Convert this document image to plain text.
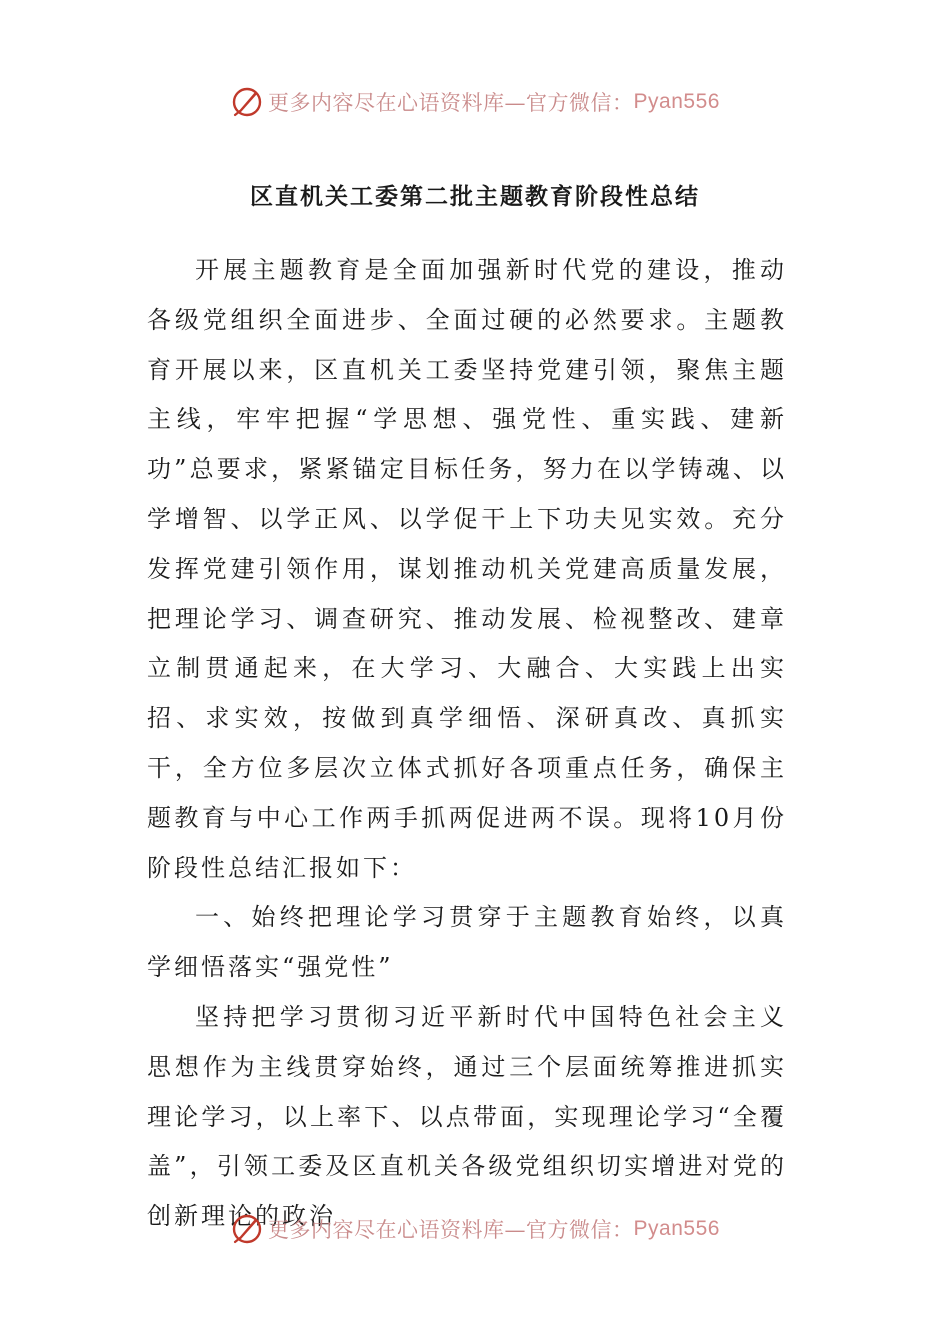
更多内容尽在心语资料库—官方微信： Pyan556
区直机关工委第二批主题教育阶段性总结

开展主题教育是全面加强新时代党的建设，推动各级党组织全面进步、全面过硬的必然要求。主题教育开展以来，区直机关工委坚持党建引领，聚焦主题主线，牢牢把握“学思想、强党性、重实践、建新功”总要求，紧紧锚定目标任务，努力在以学铸魂、以学增智、以学正风、以学促干上下功夫见实效。充分发挥党建引领作用，谋划推动机关党建高质量发展，把理论学习、调查研究、推动发展、检视整改、建章立制贯通起来，在大学习、大融合、大实践上出实招、求实效，按做到真学细悟、深研真改、真抓实干，全方位多层次立体式抓好各项重点任务，确保主题教育与中心工作两手抓两促进两不误。现将10月份阶段性总结汇报如下：

一、始终把理论学习贯穿于主题教育始终，以真学细悟落实“强党性”

坚持把学习贯彻习近平新时代中国特色社会主义思想作为主线贯穿始终，通过三个层面统筹推进抓实理论学习，以上率下、以点带面，实现理论学习“全覆盖”，引领工委及区直机关各级党组织切实增进对党的创新理论的政治

更多内容尽在心语资料库—官方微信： Pyan556
